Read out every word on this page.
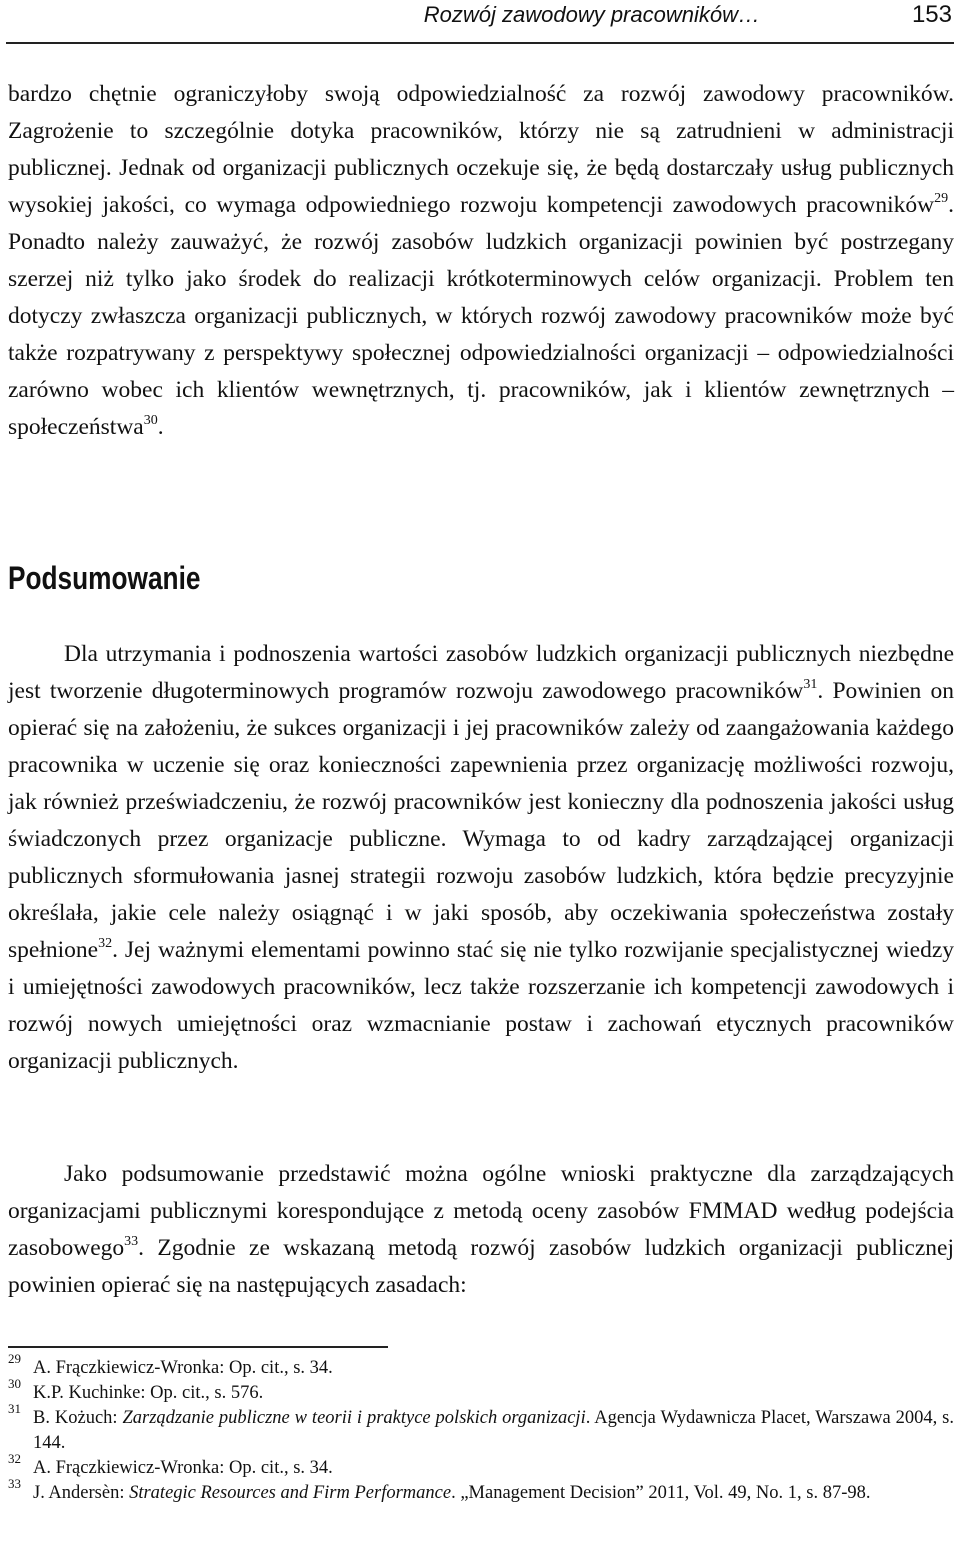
Rozwój zawodowy pracowników…	153

bardzo chętnie ograniczyłoby swoją odpowiedzialność za rozwój zawodowy pracowników. Zagrożenie to szczególnie dotyka pracowników, którzy nie są zatrudnieni w administracji publicznej. Jednak od organizacji publicznych oczekuje się, że będą dostarczały usług publicznych wysokiej jakości, co wymaga odpowiedniego rozwoju kompetencji zawodowych pracowników$^{29}$. Ponadto należy zauważyć, że rozwój zasobów ludzkich organizacji powinien być postrzegany szerzej niż tylko jako środek do realizacji krótkoterminowych celów organizacji. Problem ten dotyczy zwłaszcza organizacji publicznych, w których rozwój zawodowy pracowników może być także rozpatrywany z perspektywy społecznej odpowiedzialności organizacji – odpowiedzialności zarówno wobec ich klientów wewnętrznych, tj. pracowników, jak i klientów zewnętrznych – społeczeństwa$^{30}$.

Podsumowanie

Dla utrzymania i podnoszenia wartości zasobów ludzkich organizacji publicznych niezbędne jest tworzenie długoterminowych programów rozwoju zawodowego pracowników$^{31}$. Powinien on opierać się na założeniu, że sukces organizacji i jej pracowników zależy od zaangażowania każdego pracownika w uczenie się oraz konieczności zapewnienia przez organizację możliwości rozwoju, jak również przeświadczeniu, że rozwój pracowników jest konieczny dla podnoszenia jakości usług świadczonych przez organizacje publiczne. Wymaga to od kadry zarządzającej organizacji publicznych sformułowania jasnej strategii rozwoju zasobów ludzkich, która będzie precyzyjnie określała, jakie cele należy osiągnąć i w jaki sposób, aby oczekiwania społeczeństwa zostały spełnione$^{32}$. Jej ważnymi elementami powinno stać się nie tylko rozwijanie specjalistycznej wiedzy i umiejętności zawodowych pracowników, lecz także rozszerzanie ich kompetencji zawodowych i rozwój nowych umiejętności oraz wzmacnianie postaw i zachowań etycznych pracowników organizacji publicznych.

Jako podsumowanie przedstawić można ogólne wnioski praktyczne dla zarządzających organizacjami publicznymi korespondujące z metodą oceny zasobów FMMAD według podejścia zasobowego$^{33}$. Zgodnie ze wskazaną metodą rozwój zasobów ludzkich organizacji publicznej powinien opierać się na następujących zasadach:

29 A. Frączkiewicz-Wronka: Op. cit., s. 34.

30 K.P. Kuchinke: Op. cit., s. 576.

31 B. Kożuch: Zarządzanie publiczne w teorii i praktyce polskich organizacji. Agencja Wydawnicza Placet, Warszawa 2004, s. 144.

32 A. Frączkiewicz-Wronka: Op. cit., s. 34.

33 J. Andersèn: Strategic Resources and Firm Performance. „Management Decision” 2011, Vol. 49, No. 1, s. 87-98.
